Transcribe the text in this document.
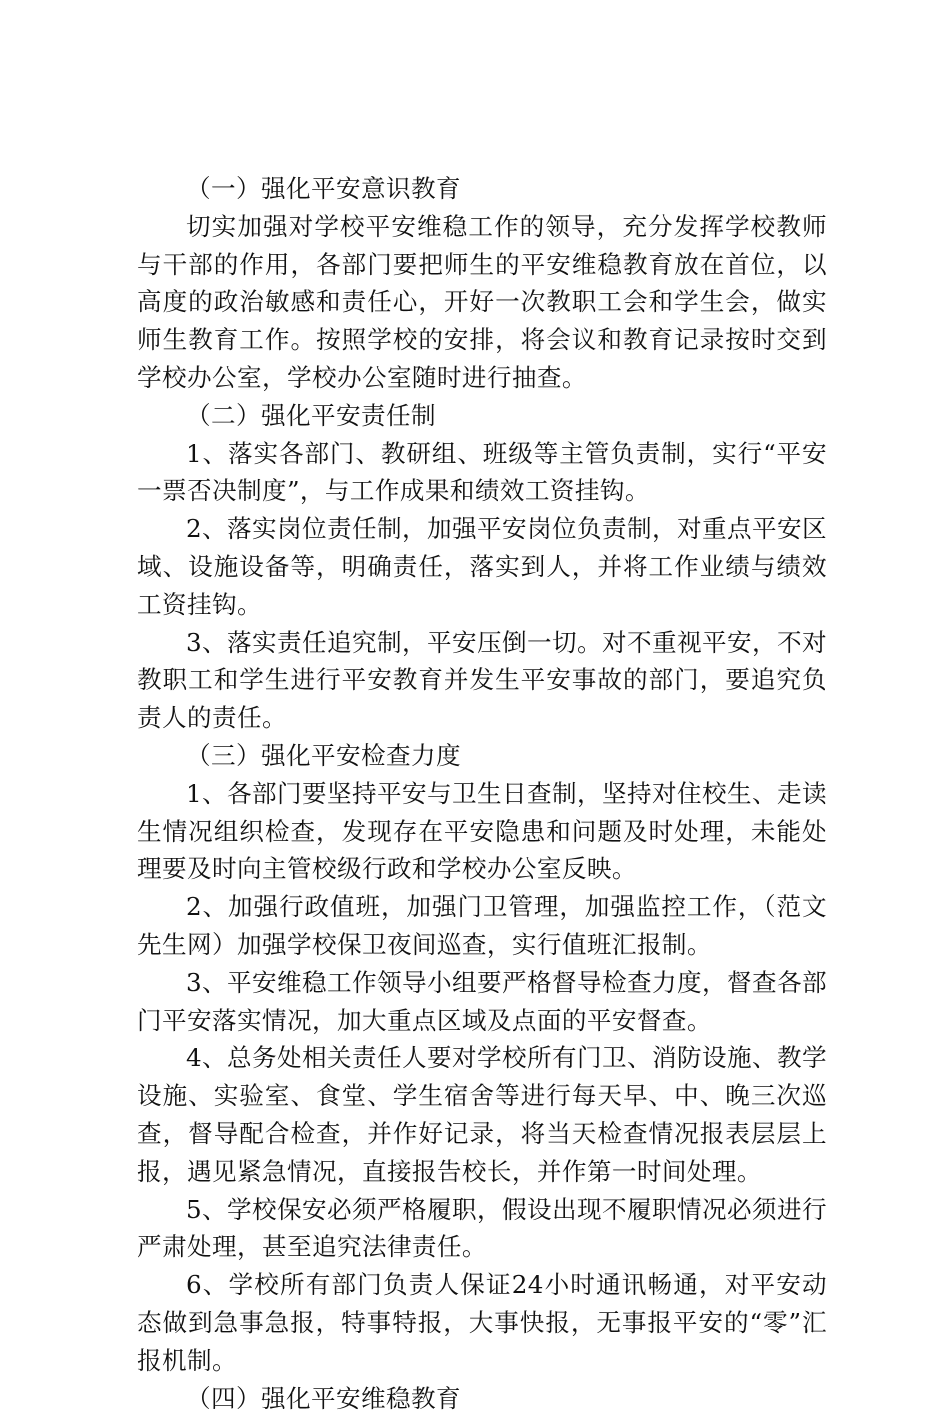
（一）强化平安意识教育

切实加强对学校平安维稳工作的领导，充分发挥学校教师与干部的作用，各部门要把师生的平安维稳教育放在首位，以高度的政治敏感和责任心，开好一次教职工会和学生会，做实师生教育工作。按照学校的安排，将会议和教育记录按时交到学校办公室，学校办公室随时进行抽查。

（二）强化平安责任制

1、落实各部门、教研组、班级等主管负责制，实行“平安一票否决制度”，与工作成果和绩效工资挂钩。

2、落实岗位责任制，加强平安岗位负责制，对重点平安区域、设施设备等，明确责任，落实到人，并将工作业绩与绩效工资挂钩。

3、落实责任追究制，平安压倒一切。对不重视平安，不对教职工和学生进行平安教育并发生平安事故的部门，要追究负责人的责任。

（三）强化平安检查力度

1、各部门要坚持平安与卫生日查制，坚持对住校生、走读生情况组织检查，发现存在平安隐患和问题及时处理，未能处理要及时向主管校级行政和学校办公室反映。

2、加强行政值班，加强门卫管理，加强监控工作，（范文先生网）加强学校保卫夜间巡查，实行值班汇报制。

3、平安维稳工作领导小组要严格督导检查力度，督查各部门平安落实情况，加大重点区域及点面的平安督查。

4、总务处相关责任人要对学校所有门卫、消防设施、教学设施、实验室、食堂、学生宿舍等进行每天早、中、晚三次巡查，督导配合检查，并作好记录，将当天检查情况报表层层上报，遇见紧急情况，直接报告校长，并作第一时间处理。

5、学校保安必须严格履职，假设出现不履职情况必须进行严肃处理，甚至追究法律责任。

6、学校所有部门负责人保证24小时通讯畅通，对平安动态做到急事急报，特事特报，大事快报，无事报平安的“零”汇报机制。

（四）强化平安维稳教育
